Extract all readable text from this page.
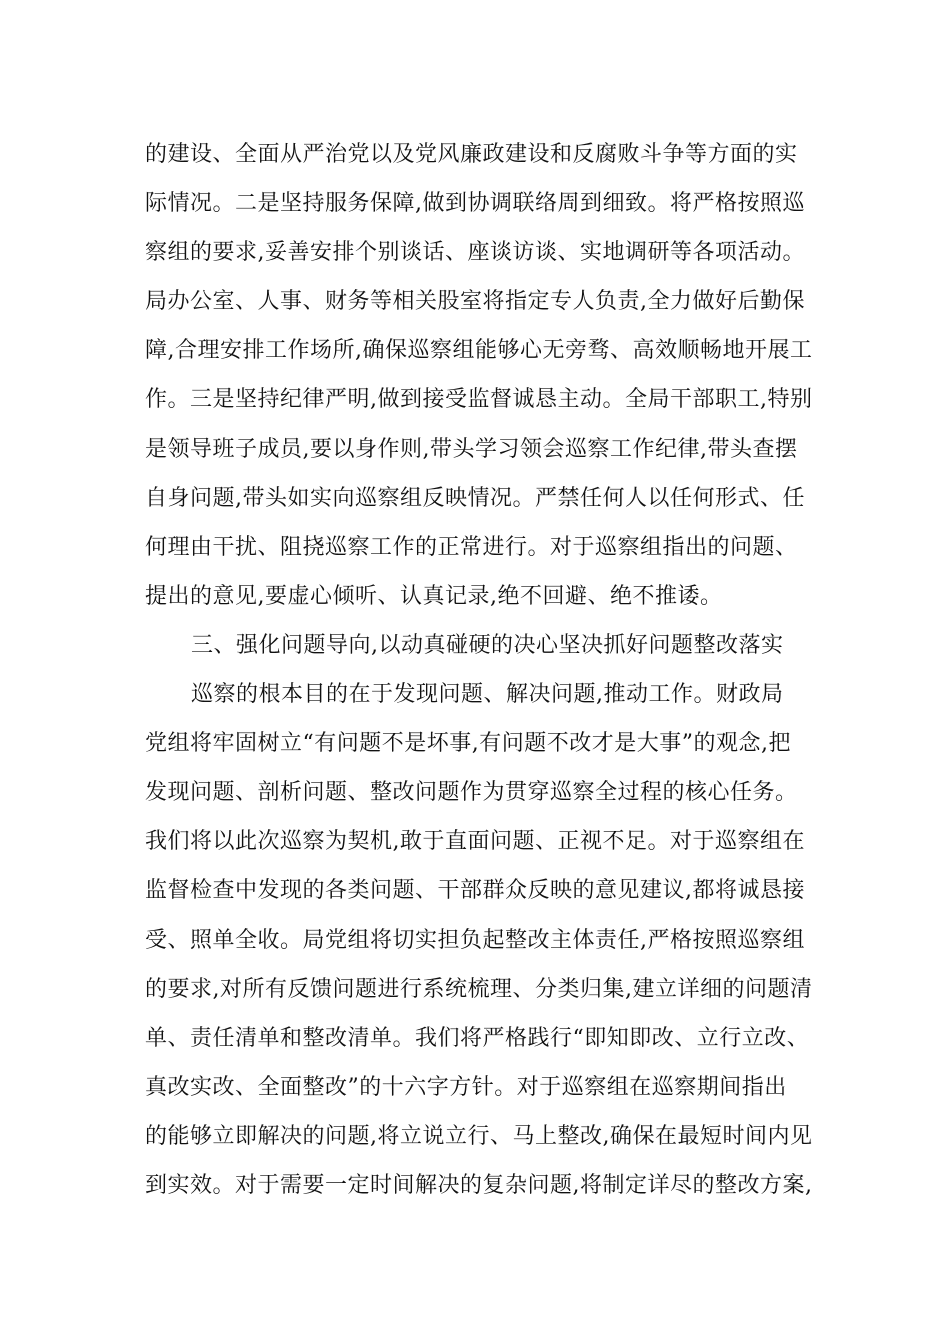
的建设、全面从严治党以及党风廉政建设和反腐败斗争等方面的实
际情况。二是坚持服务保障,做到协调联络周到细致。将严格按照巡
察组的要求,妥善安排个别谈话、座谈访谈、实地调研等各项活动。
局办公室、人事、财务等相关股室将指定专人负责,全力做好后勤保
障,合理安排工作场所,确保巡察组能够心无旁骛、高效顺畅地开展工
作。三是坚持纪律严明,做到接受监督诚恳主动。全局干部职工,特别
是领导班子成员,要以身作则,带头学习领会巡察工作纪律,带头查摆
自身问题,带头如实向巡察组反映情况。严禁任何人以任何形式、任
何理由干扰、阻挠巡察工作的正常进行。对于巡察组指出的问题、
提出的意见,要虚心倾听、认真记录,绝不回避、绝不推诿。
三、强化问题导向,以动真碰硬的决心坚决抓好问题整改落实
巡察的根本目的在于发现问题、解决问题,推动工作。财政局
党组将牢固树立“有问题不是坏事,有问题不改才是大事”的观念,把
发现问题、剖析问题、整改问题作为贯穿巡察全过程的核心任务。
我们将以此次巡察为契机,敢于直面问题、正视不足。对于巡察组在
监督检查中发现的各类问题、干部群众反映的意见建议,都将诚恳接
受、照单全收。局党组将切实担负起整改主体责任,严格按照巡察组
的要求,对所有反馈问题进行系统梳理、分类归集,建立详细的问题清
单、责任清单和整改清单。我们将严格践行“即知即改、立行立改、
真改实改、全面整改”的十六字方针。对于巡察组在巡察期间指出
的能够立即解决的问题,将立说立行、马上整改,确保在最短时间内见
到实效。对于需要一定时间解决的复杂问题,将制定详尽的整改方案,
